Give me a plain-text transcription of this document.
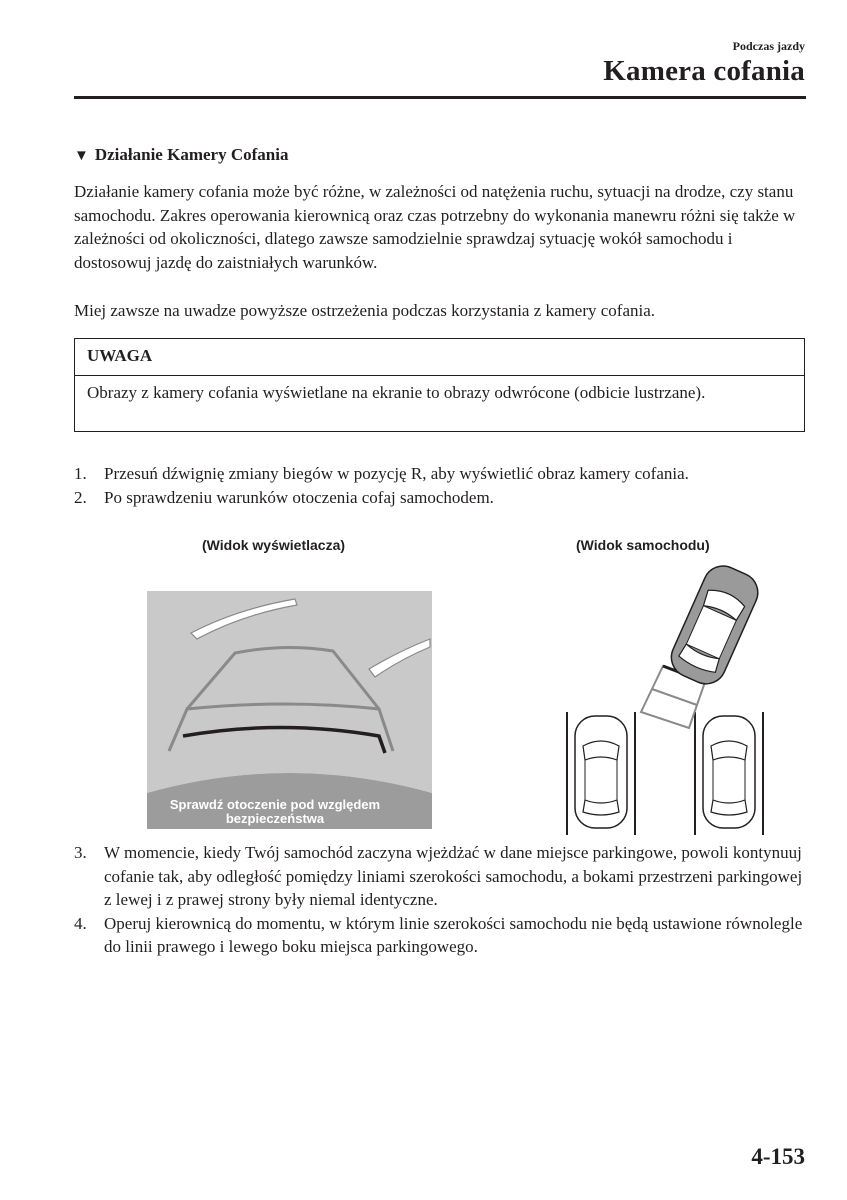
Podczas jazdy
Kamera cofania
▼ Działanie Kamery Cofania
Działanie kamery cofania może być różne, w zależności od natężenia ruchu, sytuacji na drodze, czy stanu samochodu. Zakres operowania kierownicą oraz czas potrzebny do wykonania manewru różni się także w zależności od okoliczności, dlatego zawsze samodzielnie sprawdzaj sytuację wokół samochodu i dostosowuj jazdę do zaistniałych warunków.
Miej zawsze na uwadze powyższe ostrzeżenia podczas korzystania z kamery cofania.
UWAGA
Obrazy z kamery cofania wyświetlane na ekranie to obrazy odwrócone (odbicie lustrzane).
1. Przesuń dźwignię zmiany biegów w pozycję R, aby wyświetlić obraz kamery cofania.
2. Po sprawdzeniu warunków otoczenia cofaj samochodem.
(Widok wyświetlacza)	(Widok samochodu)
Sprawdź otoczenie pod względem
bezpieczeństwa
3. W momencie, kiedy Twój samochód zaczyna wjeżdżać w dane miejsce parkingowe, powoli kontynuuj cofanie tak, aby odległość pomiędzy liniami szerokości samochodu, a bokami przestrzeni parkingowej z lewej i z prawej strony były niemal identyczne.
4. Operuj kierownicą do momentu, w którym linie szerokości samochodu nie będą ustawione równolegle do linii prawego i lewego boku miejsca parkingowego.
4-153
